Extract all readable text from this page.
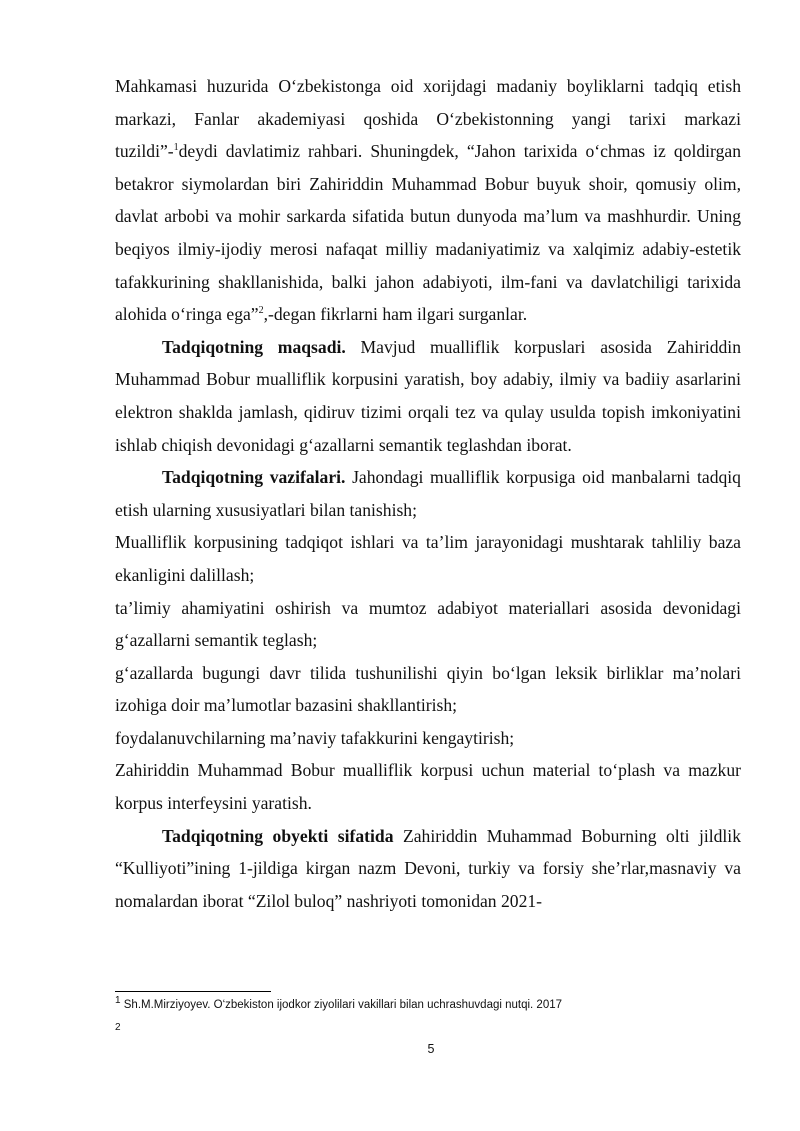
Mahkamasi huzurida O‘zbekistonga oid xorijdagi madaniy boyliklarni tadqiq etish markazi, Fanlar akademiyasi qoshida O‘zbekistonning yangi tarixi markazi tuzildi”-$^1$deydi davlatimiz rahbari. Shuningdek, “Jahon tarixida o‘chmas iz qoldirgan betakror siymolardan biri Zahiriddin Muhammad Bobur buyuk shoir, qomusiy olim, davlat arbobi va mohir sarkarda sifatida butun dunyoda ma’lum va mashhurdir. Uning beqiyos ilmiy-ijodiy merosi nafaqat milliy madaniyatimiz va xalqimiz adabiy-estetik tafakkurining shakllanishida, balki jahon adabiyoti, ilm-fani va davlatchiligi tarixida alohida o‘ringa ega”$^2$,-degan fikrlarni ham ilgari surganlar.

Tadqiqotning maqsadi. Mavjud mualliflik korpuslari asosida Zahiriddin Muhammad Bobur mualliflik korpusini yaratish, boy adabiy, ilmiy va badiiy asarlarini elektron shaklda jamlash, qidiruv tizimi orqali tez va qulay usulda topish imkoniyatini ishlab chiqish devonidagi g‘azallarni semantik teglashdan iborat.

Tadqiqotning vazifalari. Jahondagi mualliflik korpusiga oid manbalarni tadqiq etish ularning xususiyatlari bilan tanishish;

Mualliflik korpusining tadqiqot ishlari va ta’lim jarayonidagi mushtarak tahliliy baza ekanligini dalillash;

ta’limiy ahamiyatini oshirish va mumtoz adabiyot materiallari asosida devonidagi g‘azallarni semantik teglash;

g‘azallarda bugungi davr tilida tushunilishi qiyin bo‘lgan leksik birliklar ma’nolari izohiga doir ma’lumotlar bazasini shakllantirish;

foydalanuvchilarning ma’naviy tafakkurini kengaytirish;

Zahiriddin Muhammad Bobur mualliflik korpusi uchun material to‘plash va mazkur korpus interfeysini yaratish.

Tadqiqotning obyekti sifatida Zahiriddin Muhammad Boburning olti jildlik “Kulliyoti”ining 1-jildiga kirgan nazm Devoni, turkiy va forsiy she’rlar,masnaviy va nomalardan iborat “Zilol buloq” nashriyoti tomonidan 2021-

$^1$ Sh.M.Mirziyoyev. O‘zbekiston ijodkor ziyolilari vakillari bilan uchrashuvdagi nutqi. 2017

$^2$

5
